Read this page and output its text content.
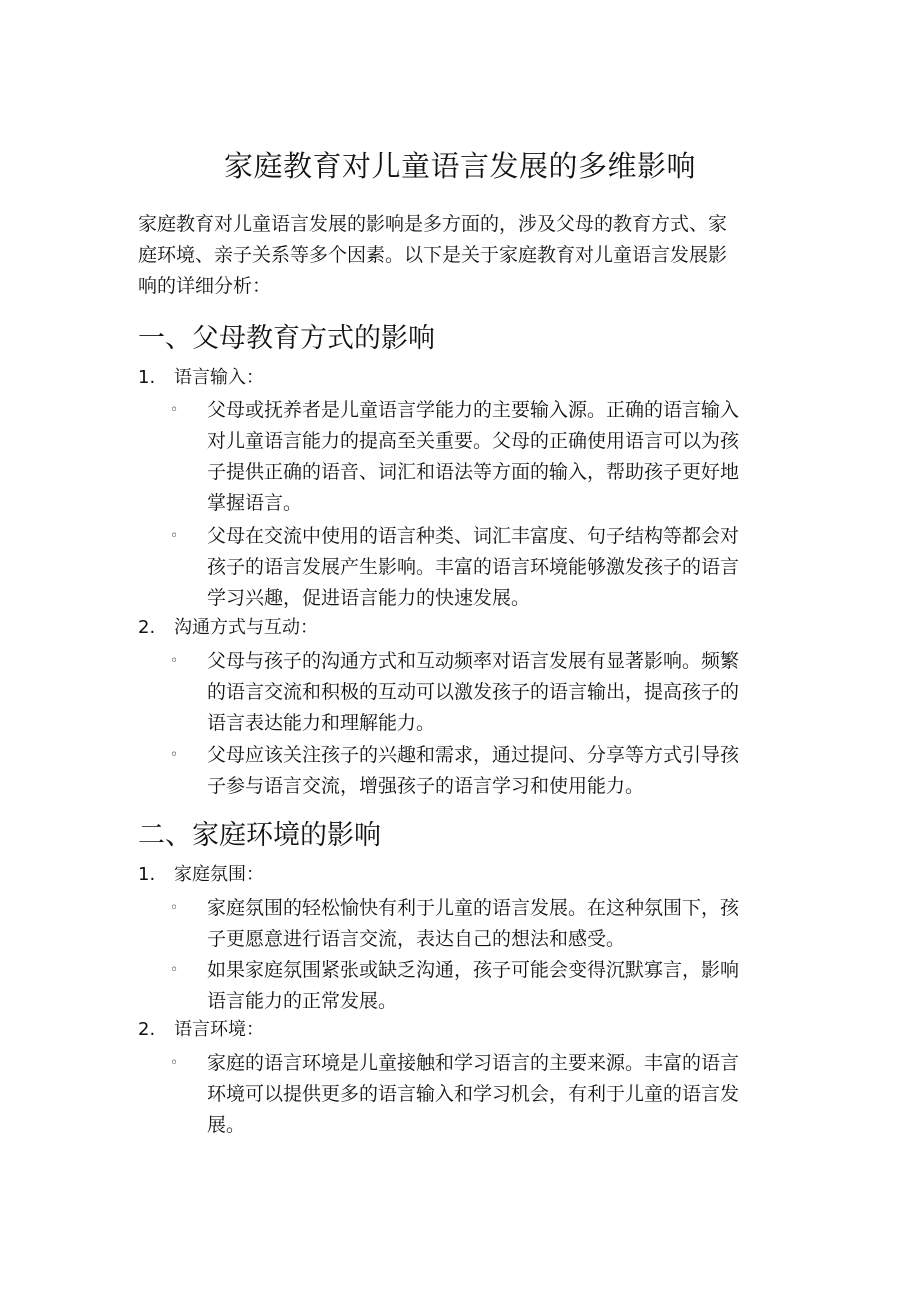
家庭教育对儿童语言发展的多维影响
家庭教育对儿童语言发展的影响是多方面的，涉及父母的教育方式、家
庭环境、亲子关系等多个因素。以下是关于家庭教育对儿童语言发展影
响的详细分析：
一、父母教育方式的影响
1. 语言输入：
◦ 父母或抚养者是儿童语言学能力的主要输入源。正确的语言输入
对儿童语言能力的提高至关重要。父母的正确使用语言可以为孩
子提供正确的语音、词汇和语法等方面的输入，帮助孩子更好地
掌握语言。
◦ 父母在交流中使用的语言种类、词汇丰富度、句子结构等都会对
孩子的语言发展产生影响。丰富的语言环境能够激发孩子的语言
学习兴趣，促进语言能力的快速发展。
2. 沟通方式与互动：
◦ 父母与孩子的沟通方式和互动频率对语言发展有显著影响。频繁
的语言交流和积极的互动可以激发孩子的语言输出，提高孩子的
语言表达能力和理解能力。
◦ 父母应该关注孩子的兴趣和需求，通过提问、分享等方式引导孩
子参与语言交流，增强孩子的语言学习和使用能力。
二、家庭环境的影响
1. 家庭氛围：
◦ 家庭氛围的轻松愉快有利于儿童的语言发展。在这种氛围下，孩
子更愿意进行语言交流，表达自己的想法和感受。
◦ 如果家庭氛围紧张或缺乏沟通，孩子可能会变得沉默寡言，影响
语言能力的正常发展。
2. 语言环境：
◦ 家庭的语言环境是儿童接触和学习语言的主要来源。丰富的语言
环境可以提供更多的语言输入和学习机会，有利于儿童的语言发
展。
